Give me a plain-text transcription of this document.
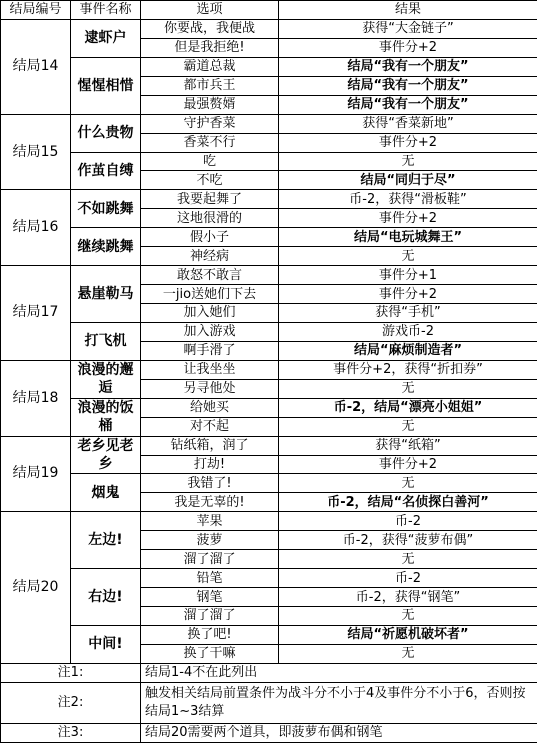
结局编号	事件名称	选项	结果
结局14	逮虾户	你要战，我便战	获得“大金链子”
		但是我拒绝!	事件分+2
	惺惺相惜	霸道总裁	结局“我有一个朋友”
		都市兵王	结局“我有一个朋友”
		最强赘婿	结局“我有一个朋友”
结局15	什么贵物	守护香菜	获得“香菜新地”
		香菜不行	事件分+2
	作茧自缚	吃	无
		不吃	结局“同归于尽”
结局16	不如跳舞	我要起舞了	币-2，获得“滑板鞋”
		这地很滑的	事件分+2
	继续跳舞	假小子	结局“电玩城舞王”
		神经病	无
结局17	悬崖勒马	敢怒不敢言	事件分+1
		一jio送她们下去	事件分+2
		加入她们	获得“手机”
	打飞机	加入游戏	游戏币-2
		啊手滑了	结局“麻烦制造者”
结局18	浪漫的邂逅	让我坐坐	事件分+2，获得“折扣券”
		另寻他处	无
	浪漫的饭桶	给她买	币-2，结局“漂亮小姐姐”
		对不起	无
结局19	老乡见老乡	钻纸箱，润了	获得“纸箱”
		打劫!	事件分+2
	烟鬼	我错了!	无
		我是无辜的!	币-2，结局“名侦探白善河”
结局20	左边!	苹果	币-2
		菠萝	币-2，获得“菠萝布偶”
		溜了溜了	无
	右边!	铅笔	币-2
		钢笔	币-2，获得“钢笔”
		溜了溜了	无
	中间!	换了吧!	结局“祈愿机破坏者”
		换了干嘛	无
注1:		结局1-4不在此列出	
注2:		触发相关结局前置条件为战斗分不小于4及事件分不小于6，否则按结局1~3结算	
注3:		结局20需要两个道具，即菠萝布偶和钢笔	
